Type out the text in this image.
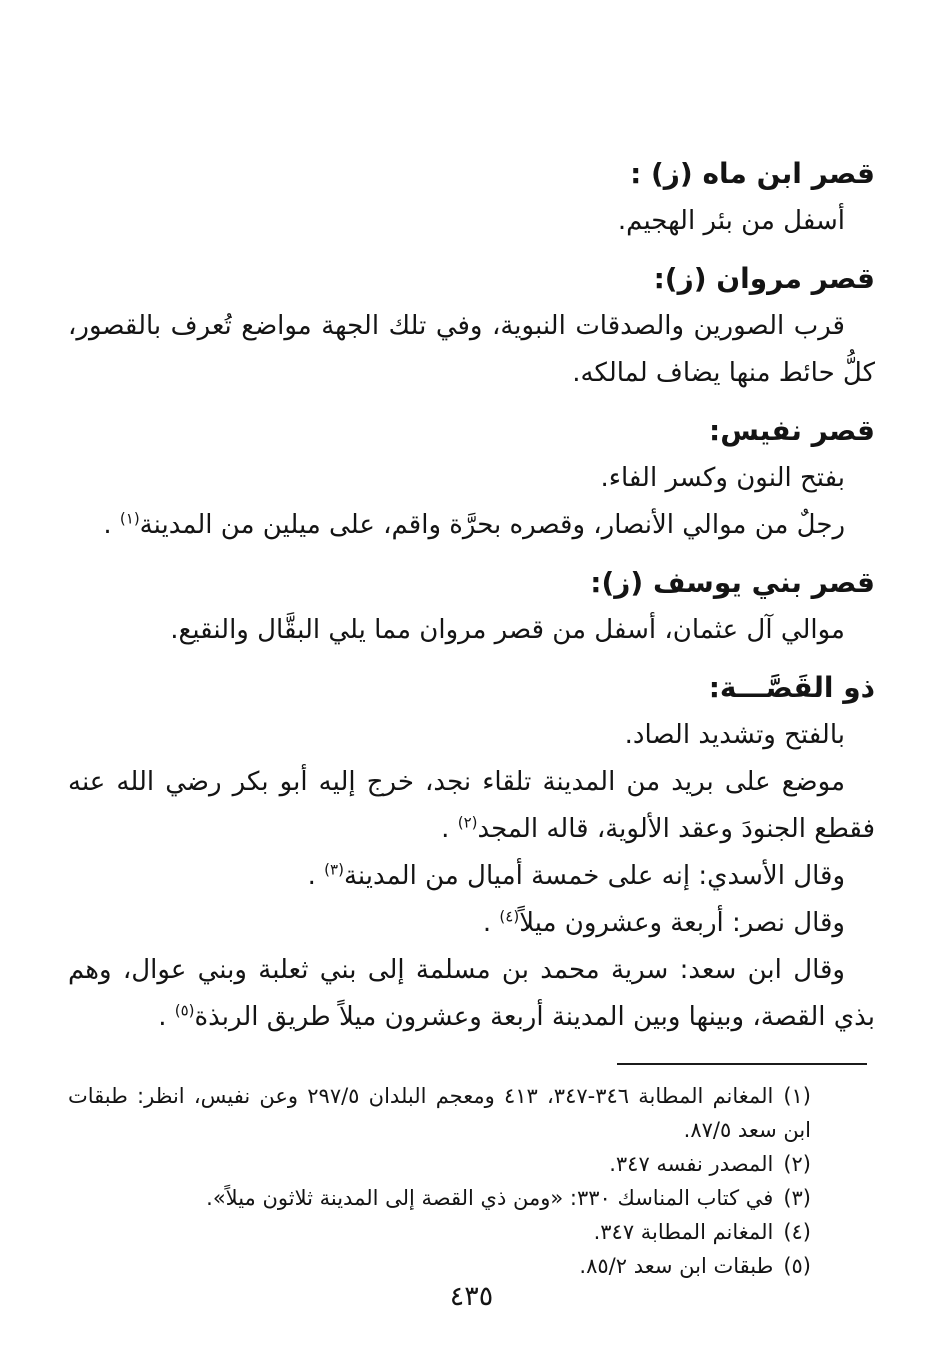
قصر ابن ماه (ز) :

أسفل من بئر الهجيم.

قصر مروان (ز):

قرب الصورين والصدقات النبوية، وفي تلك الجهة مواضع تُعرف بالقصور، كلُّ حائط منها يضاف لمالكه.

قصر نفيس:

بفتح النون وكسر الفاء.

رجلٌ من موالي الأنصار، وقصره بحرَّة واقم، على ميلين من المدينة$^{(١)}$ .

قصر بني يوسف (ز):

موالي آل عثمان، أسفل من قصر مروان مما يلي البقَّال والنقيع.

ذو القَصَّـــة:

بالفتح وتشديد الصاد.

موضع على بريد من المدينة تلقاء نجد، خرج إليه أبو بكر رضي الله عنه فقطع الجنودَ وعقد الألوية، قاله المجد$^{(٢)}$ .

وقال الأسدي: إنه على خمسة أميال من المدينة$^{(٣)}$ .

وقال نصر: أربعة وعشرون ميلاً$^{(٤)}$ .

وقال ابن سعد: سرية محمد بن مسلمة إلى بني ثعلبة وبني عوال، وهم بذي القصة، وبينها وبين المدينة أربعة وعشرون ميلاً طريق الربذة$^{(٥)}$ .

(١)المغانم المطابة ٣٤٦-٣٤٧، ٤١٣ ومعجم البلدان ٢٩٧/٥ وعن نفيس، انظر: طبقات ابن سعد ٨٧/٥.

(٢)المصدر نفسه ٣٤٧.

(٣)في كتاب المناسك ٣٣٠: «ومن ذي القصة إلى المدينة ثلاثون ميلاً».

(٤)المغانم المطابة ٣٤٧.

(٥)طبقات ابن سعد ٨٥/٢.

٤٣٥
